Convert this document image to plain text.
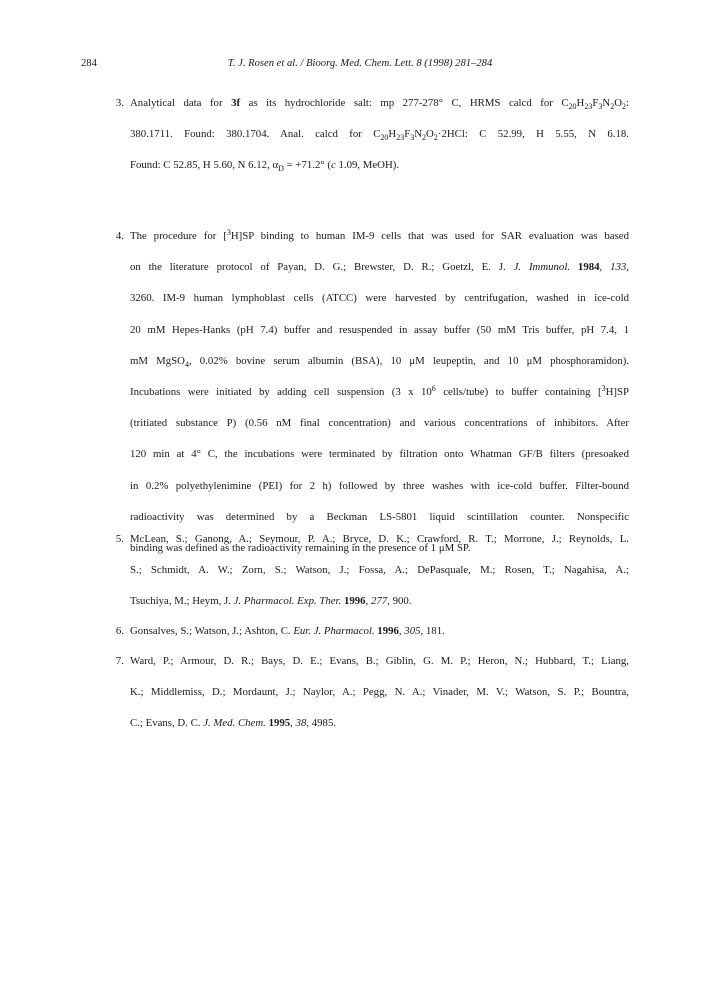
284	T. J. Rosen et al. / Bioorg. Med. Chem. Lett. 8 (1998) 281–284
3. Analytical data for 3f as its hydrochloride salt: mp 277-278° C, HRMS calcd for $C_{20}H_{23}F_3N_2O_2$:
380.1711. Found: 380.1704. Anal. calcd for $C_{20}H_{23}F_3N_2O_2\cdot 2HCl$: C 52.99, H 5.55, N 6.18.
Found: C 52.85, H 5.60, N 6.12, $\alpha_D = +71.2^\circ$ (c 1.09, MeOH).
4. The procedure for [$^3$H]SP binding to human IM-9 cells that was used for SAR evaluation was based
on the literature protocol of Payan, D. G.; Brewster, D. R.; Goetzl, E. J. J. Immunol. 1984, 133,
3260. IM-9 human lymphoblast cells (ATCC) were harvested by centrifugation, washed in ice-cold
20 mM Hepes-Hanks (pH 7.4) buffer and resuspended in assay buffer (50 mM Tris buffer, pH 7.4, 1
mM MgSO$_4$, 0.02% bovine serum albumin (BSA), 10 μM leupeptin, and 10 μM phosphoramidon).
Incubations were initiated by adding cell suspension (3 x $10^6$ cells/tube) to buffer containing [$^3$H]SP
(tritiated substance P) (0.56 nM final concentration) and various concentrations of inhibitors. After
120 min at 4° C, the incubations were terminated by filtration onto Whatman GF/B filters (presoaked
in 0.2% polyethylenimine (PEI) for 2 h) followed by three washes with ice-cold buffer. Filter-bound
radioactivity was determined by a Beckman LS-5801 liquid scintillation counter. Nonspecific
binding was defined as the radioactivity remaining in the presence of 1 μM SP.
5. McLean, S.; Ganong, A.; Seymour, P. A.; Bryce, D. K.; Crawford, R. T.; Morrone, J.; Reynolds, L.
S.; Schmidt, A. W.; Zorn, S.; Watson, J.; Fossa, A.; DePasquale, M.; Rosen, T.; Nagahisa, A.;
Tsuchiya, M.; Heym, J. J. Pharmacol. Exp. Ther. 1996, 277, 900.
6. Gonsalves, S.; Watson, J.; Ashton, C. Eur. J. Pharmacol. 1996, 305, 181.
7. Ward, P.; Armour, D. R.; Bays, D. E.; Evans, B.; Giblin, G. M. P.; Heron, N.; Hubbard, T.; Liang,
K.; Middlemiss, D.; Mordaunt, J.; Naylor, A.; Pegg, N. A.; Vinader, M. V.; Watson, S. P.; Bountra,
C.; Evans, D. C. J. Med. Chem. 1995, 38, 4985.
